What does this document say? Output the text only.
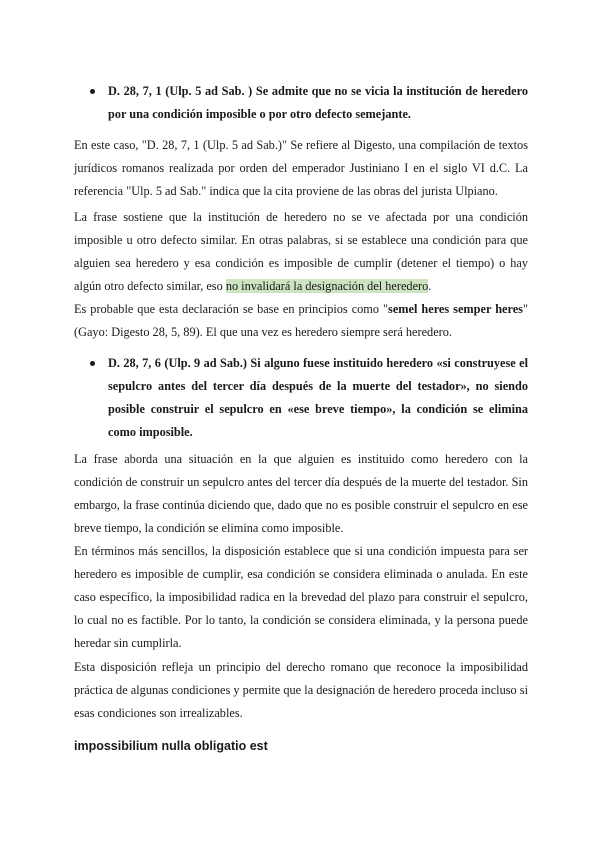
D. 28, 7, 1 (Ulp. 5 ad Sab. ) Se admite que no se vicia la institución de heredero por una condición imposible o por otro defecto semejante.
En este caso, "D. 28, 7, 1 (Ulp. 5 ad Sab.)" Se refiere al Digesto, una compilación de textos jurídicos romanos realizada por orden del emperador Justiniano I en el siglo VI d.C. La referencia "Ulp. 5 ad Sab." indica que la cita proviene de las obras del jurista Ulpiano.
La frase sostiene que la institución de heredero no se ve afectada por una condición imposible u otro defecto similar. En otras palabras, si se establece una condición para que alguien sea heredero y esa condición es imposible de cumplir (detener el tiempo) o hay algún otro defecto similar, eso no invalidará la designación del heredero.
Es probable que esta declaración se base en principios como "semel heres semper heres" (Gayo: Digesto 28, 5, 89). El que una vez es heredero siempre será heredero.
D. 28, 7, 6 (Ulp. 9 ad Sab.) Si alguno fuese instituido heredero «si construyese el sepulcro antes del tercer día después de la muerte del testador», no siendo posible construir el sepulcro en «ese breve tiempo», la condición se elimina como imposible.
La frase aborda una situación en la que alguien es instituido como heredero con la condición de construir un sepulcro antes del tercer día después de la muerte del testador. Sin embargo, la frase continúa diciendo que, dado que no es posible construir el sepulcro en ese breve tiempo, la condición se elimina como imposible.
En términos más sencillos, la disposición establece que si una condición impuesta para ser heredero es imposible de cumplir, esa condición se considera eliminada o anulada. En este caso específico, la imposibilidad radica en la brevedad del plazo para construir el sepulcro, lo cual no es factible. Por lo tanto, la condición se considera eliminada, y la persona puede heredar sin cumplirla.
Esta disposición refleja un principio del derecho romano que reconoce la imposibilidad práctica de algunas condiciones y permite que la designación de heredero proceda incluso si esas condiciones son irrealizables.
impossibilium nulla obligatio est
